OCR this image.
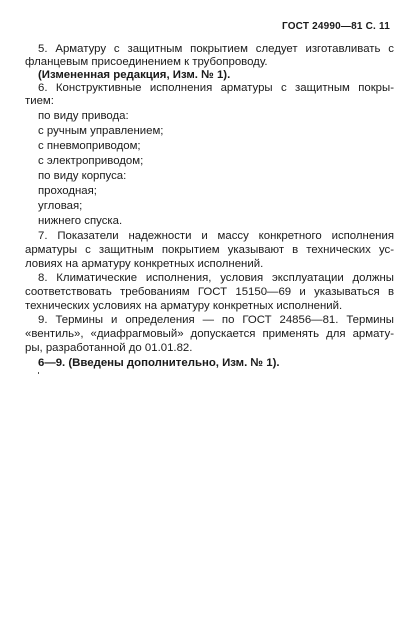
ГОСТ 24990—81 С. 11
5. Арматуру с защитным покрытием следует изготавливать с
фланцевым присоединением к трубопроводу.
(Измененная редакция, Изм. № 1).
6. Конструктивные исполнения арматуры с защитным покры-
тием:
по виду привода:
с ручным управлением;
с пневмоприводом;
с электроприводом;
по виду корпуса:
проходная;
угловая;
нижнего спуска.
7. Показатели надежности и массу конкретного исполнения
арматуры с защитным покрытием указывают в технических ус-
ловиях на арматуру конкретных исполнений.
8. Климатические исполнения, условия эксплуатации должны
соответствовать требованиям ГОСТ 15150—69 и указываться в
технических условиях на арматуру конкретных исполнений.
9. Термины и определения — по ГОСТ 24856—81. Термины
«вентиль», «диафрагмовый» допускается применять для армату-
ры, разработанной до 01.01.82.
6—9. (Введены дополнительно, Изм. № 1).
